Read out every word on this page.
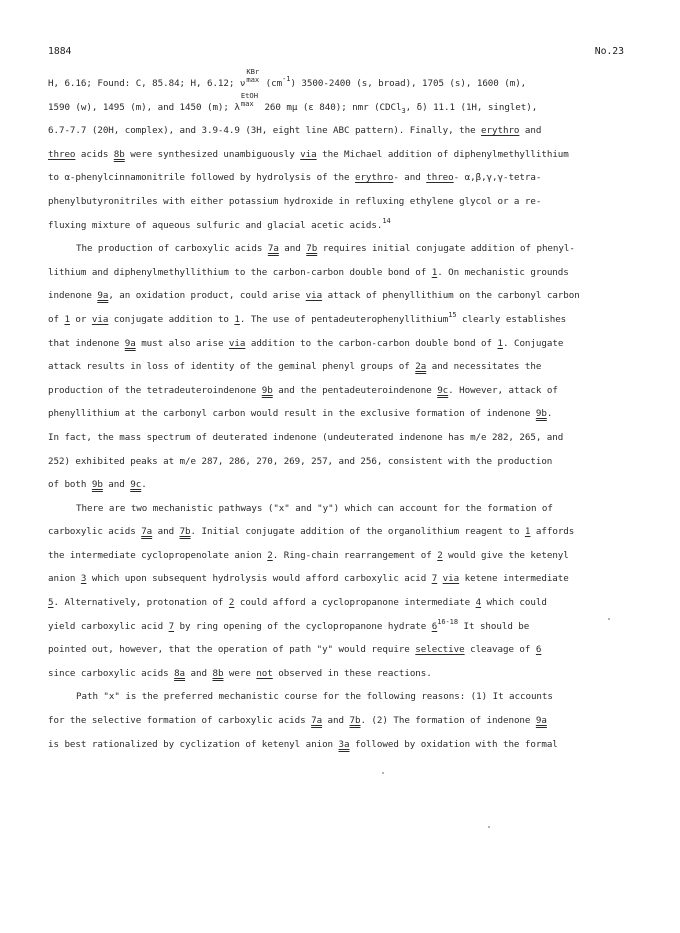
1884	No.23

H, 6.16; Found: C, 85.84; H, 6.12; ν
KBr
$\max (cm^{-1})$ 3500-2400 (s, broad), 1705 (s), 1600 (m),
1590 (w), 1495 (m), and 1450 (m); λ
EtOH
max 260 mμ (ε 840); nmr (CDCl$_3$, δ) 11.1 (1H, singlet),
6.7-7.7 (20H, complex), and 3.9-4.9 (3H, eight line ABC pattern). Finally, the erythro and
threo acids 8b were synthesized unambiguously via the Michael addition of diphenylmethyllithium
to α-phenylcinnamonitrile followed by hydrolysis of the erythro- and threo- α,β,γ,γ-tetra-
phenylbutyronitriles with either potassium hydroxide in refluxing ethylene glycol or a re-
fluxing mixture of aqueous sulfuric and glacial acetic acids.$^{14}$

The production of carboxylic acids 7a and 7b requires initial conjugate addition of phenyl-
lithium and diphenylmethyllithium to the carbon-carbon double bond of 1. On mechanistic grounds
indenone 9a, an oxidation product, could arise via attack of phenyllithium on the carbonyl carbon
of 1 or via conjugate addition to 1. The use of pentadeuterophenyllithium$^{15}$ clearly establishes
that indenone 9a must also arise via addition to the carbon-carbon double bond of 1. Conjugate
attack results in loss of identity of the geminal phenyl groups of 2a and necessitates the
production of the tetradeuteroindenone 9b and the pentadeuteroindenone 9c. However, attack of
phenyllithium at the carbonyl carbon would result in the exclusive formation of indenone 9b.
In fact, the mass spectrum of deuterated indenone (undeuterated indenone has m/e 282, 265, and
252) exhibited peaks at m/e 287, 286, 270, 269, 257, and 256, consistent with the production
of both 9b and 9c.

There are two mechanistic pathways ("x" and "y") which can account for the formation of
carboxylic acids 7a and 7b. Initial conjugate addition of the organolithium reagent to 1 affords
the intermediate cyclopropenolate anion 2. Ring-chain rearrangement of 2 would give the ketenyl
anion 3 which upon subsequent hydrolysis would afford carboxylic acid 7 via ketene intermediate
5. Alternatively, protonation of 2 could afford a cyclopropanone intermediate 4 which could
yield carboxylic acid 7 by ring opening of the cyclopropanone hydrate 6$^{16-18}$ It should be
pointed out, however, that the operation of path "y" would require selective cleavage of 6
since carboxylic acids 8a and 8b were not observed in these reactions.

Path "x" is the preferred mechanistic course for the following reasons: (1) It accounts
for the selective formation of carboxylic acids 7a and 7b. (2) The formation of indenone 9a
is best rationalized by cyclization of ketenyl anion 3a followed by oxidation with the formal
